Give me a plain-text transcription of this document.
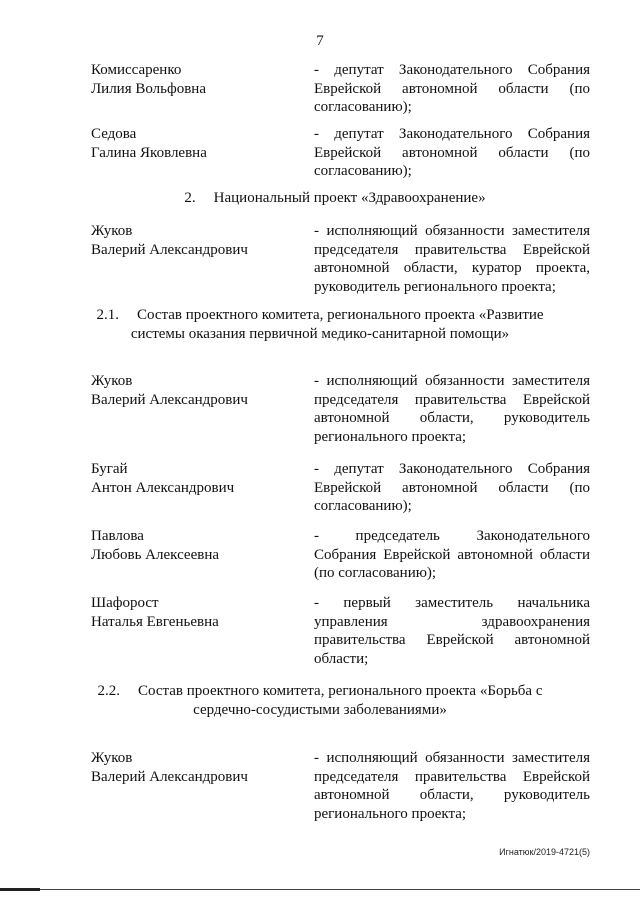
7
Комиссаренко
Лилия Вольфовна
- депутат Законодательного Собрания
Еврейской автономной области (по
согласованию);
Седова
Галина Яковлевна
- депутат Законодательного Собрания
Еврейской автономной области (по
согласованию);
2. Национальный проект «Здравоохранение»
Жуков
Валерий Александрович
- исполняющий обязанности заместителя
председателя правительства Еврейской
автономной области, куратор проекта,
руководитель регионального проекта;
2.1. Состав проектного комитета, регионального проекта «Развитие
системы оказания первичной медико-санитарной помощи»
Жуков
Валерий Александрович
- исполняющий обязанности заместителя
председателя правительства Еврейской
автономной области, руководитель
регионального проекта;
Бугай
Антон Александрович
- депутат Законодательного Собрания
Еврейской автономной области (по
согласованию);
Павлова
Любовь Алексеевна
- председатель Законодательного
Собрания Еврейской автономной области
(по согласованию);
Шафорост
Наталья Евгеньевна
- первый заместитель начальника
управления здравоохранения
правительства Еврейской автономной
области;
2.2. Состав проектного комитета, регионального проекта «Борьба с
сердечно-сосудистыми заболеваниями»
Жуков
Валерий Александрович
- исполняющий обязанности заместителя
председателя правительства Еврейской
автономной области, руководитель
регионального проекта;
Игнатюк/2019-4721(5)
